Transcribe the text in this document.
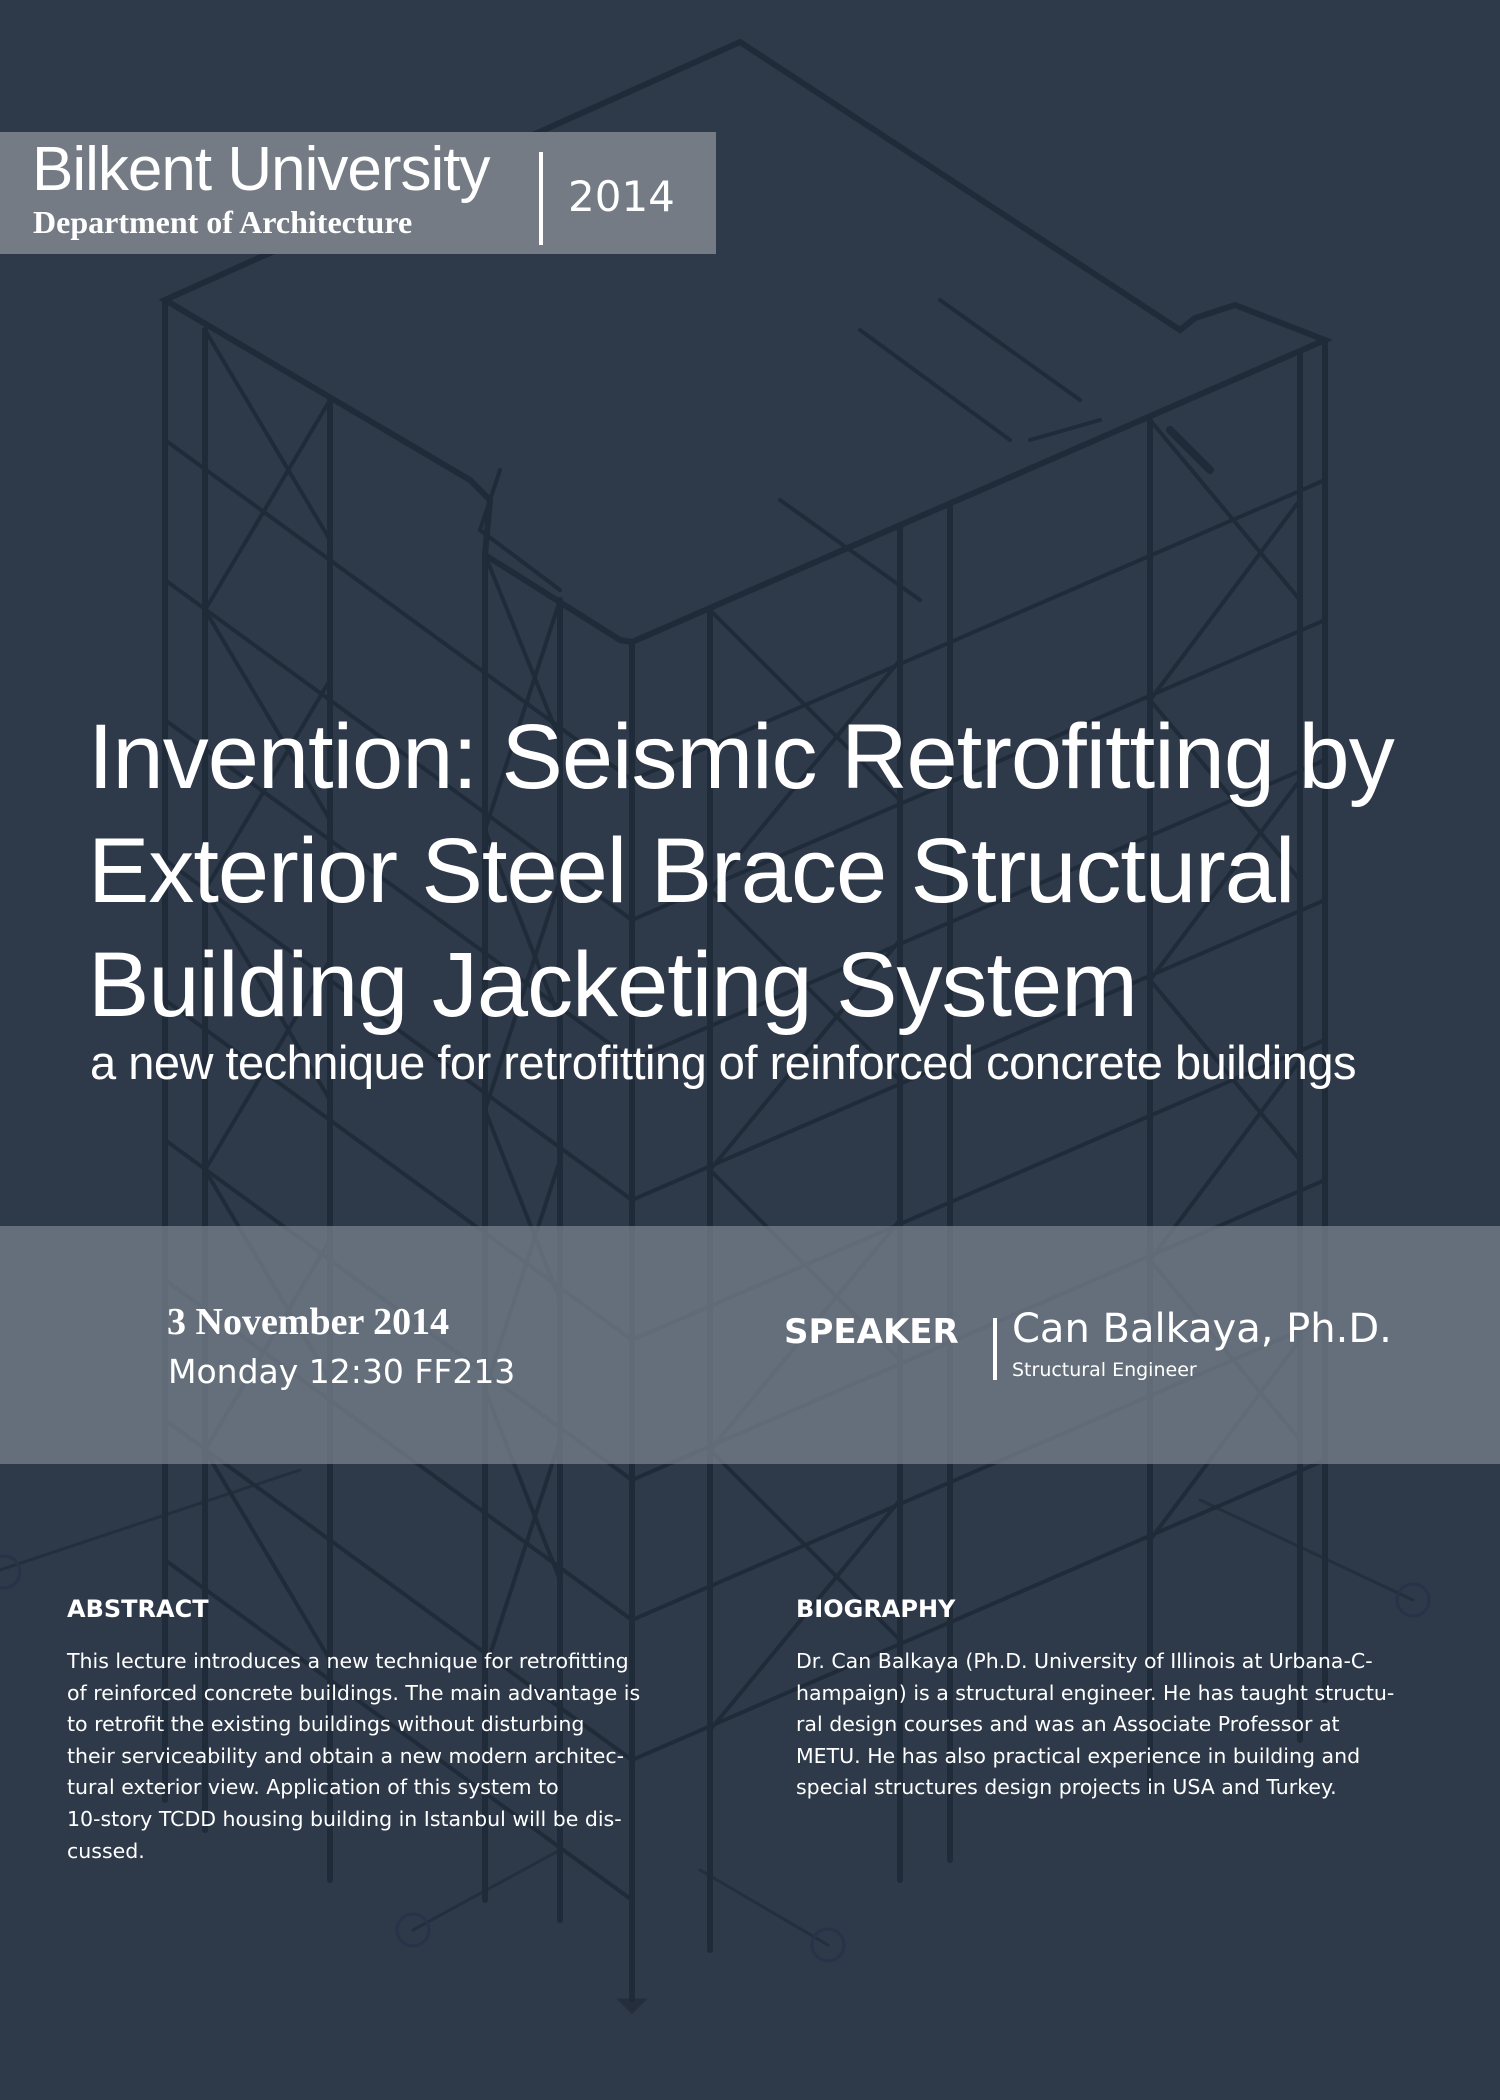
Bilkent University
Department of Architecture
2014
Invention: Seismic Retrofitting by
Exterior Steel Brace Structural
Building Jacketing System
a new technique for retrofitting of reinforced concrete buildings
3 November 2014
Monday 12:30 FF213
SPEAKER Can Balkaya, Ph.D.
Structural Engineer
ABSTRACT
This lecture introduces a new technique for retrofitting
of reinforced concrete buildings. The main advantage is
to retrofit the existing buildings without disturbing
their serviceability and obtain a new modern architec-
tural exterior view. Application of this system to
10-story TCDD housing building in Istanbul will be dis-
cussed.
BIOGRAPHY
Dr. Can Balkaya (Ph.D. University of Illinois at Urbana-C-
hampaign) is a structural engineer. He has taught structu-
ral design courses and was an Associate Professor at
METU. He has also practical experience in building and
special structures design projects in USA and Turkey.
